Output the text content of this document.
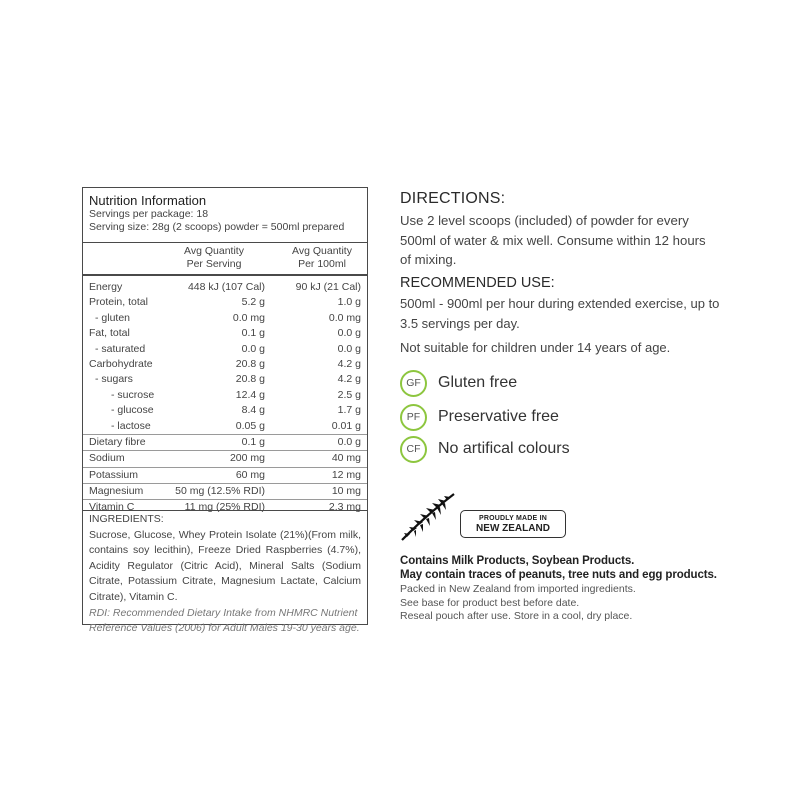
Nutrition Information
Servings per package: 18
Serving size: 28g (2 scoops) powder = 500ml prepared
Avg Quantity
Per Serving
Avg Quantity
Per 100ml
Energy	448 kJ (107 Cal)	90 kJ (21 Cal)
Protein, total	5.2 g	1.0 g
- gluten	0.0 mg	0.0 mg
Fat, total	0.1 g	0.0 g
- saturated	0.0 g	0.0 g
Carbohydrate	20.8 g	4.2 g
- sugars	20.8 g	4.2 g
- sucrose	12.4 g	2.5 g
- glucose	8.4 g	1.7 g
- lactose	0.05 g	0.01 g
Dietary fibre	0.1 g	0.0 g
Sodium	200 mg	40 mg
Potassium	60 mg	12 mg
Magnesium	50 mg (12.5% RDI)	10 mg
Vitamin C	11 mg (25% RDI)	2.3 mg
INGREDIENTS:
Sucrose, Glucose, Whey Protein Isolate (21%)(From milk, contains soy lecithin), Freeze Dried Raspberries (4.7%), Acidity Regulator (Citric Acid), Mineral Salts (Sodium Citrate, Potassium Citrate, Magnesium Lactate, Calcium Citrate), Vitamin C.
RDI: Recommended Dietary Intake from NHMRC Nutrient Reference Values (2006) for Adult Males 19-30 years age.
DIRECTIONS:
Use 2 level scoops (included) of powder for every 500ml of water & mix well. Consume within 12 hours of mixing.
RECOMMENDED USE:
500ml - 900ml per hour during extended exercise, up to 3.5 servings per day.
Not suitable for children under 14 years of age.
GF	Gluten free
PF	Preservative free
CF	No artifical colours
PROUDLY MADE IN
NEW ZEALAND
Contains Milk Products, Soybean Products.
May contain traces of peanuts, tree nuts and egg products.
Packed in New Zealand from imported ingredients.
See base for product best before date.
Reseal pouch after use. Store in a cool, dry place.
